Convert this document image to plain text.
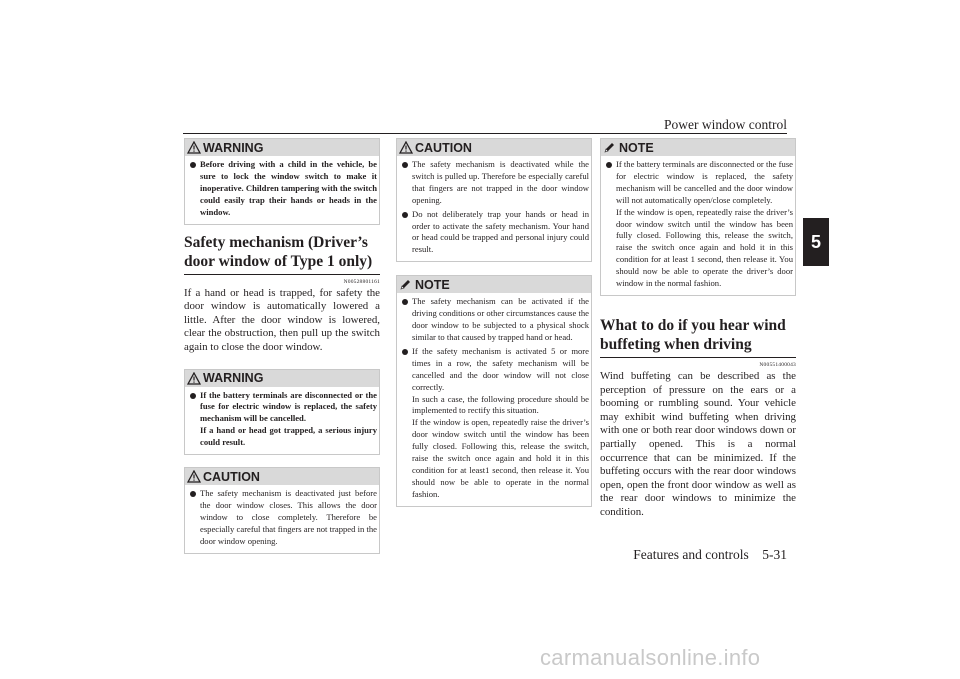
Power window control
Features and controls    5-31
5
WARNING
Before driving with a child in the vehicle, be sure to lock the window switch to make it inoperative. Children tampering with the switch could easily trap their hands or heads in the window.
Safety mechanism (Driver’s door window of Type 1 only)
N00528801161
If a hand or head is trapped, for safety the door window is automatically lowered a little. After the door window is lowered, clear the obstruction, then pull up the switch again to close the door window.
WARNING
If the battery terminals are disconnected or the fuse for electric window is replaced, the safety mechanism will be cancelled.
If a hand or head got trapped, a serious injury could result.
CAUTION
The safety mechanism is deactivated just before the door window closes. This allows the door window to close completely. Therefore be especially careful that fingers are not trapped in the door window opening.
CAUTION
The safety mechanism is deactivated while the switch is pulled up. Therefore be especially careful that fingers are not trapped in the door window opening.
Do not deliberately trap your hands or head in order to activate the safety mechanism. Your hand or head could be trapped and personal injury could result.
NOTE
The safety mechanism can be activated if the driving conditions or other circumstances cause the door window to be subjected to a physical shock similar to that caused by trapped hand or head.
If the safety mechanism is activated 5 or more times in a row, the safety mechanism will be cancelled and the door window will not close correctly.
In such a case, the following procedure should be implemented to rectify this situation.
If the window is open, repeatedly raise the driver’s door window switch until the window has been fully closed. Following this, release the switch, raise the switch once again and hold it in this condition for at least1 second, then release it. You should now be able to operate in the normal fashion.
NOTE
If the battery terminals are disconnected or the fuse for electric window is replaced, the safety mechanism will be cancelled and the door window will not automatically open/close completely.
If the window is open, repeatedly raise the driver’s door window switch until the window has been fully closed. Following this, release the switch, raise the switch once again and hold it in this condition for at least 1 second, then release it. You should now be able to operate the driver’s door window in the normal fashion.
What to do if you hear wind buffeting when driving
N00551400043
Wind buffeting can be described as the perception of pressure on the ears or a booming or rumbling sound. Your vehicle may exhibit wind buffeting when driving with one or both rear door windows down or partially opened. This is a normal occurrence that can be minimized. If the buffeting occurs with the rear door windows open, open the front door window as well as the rear door windows to minimize the condition.
carmanualsonline.info
